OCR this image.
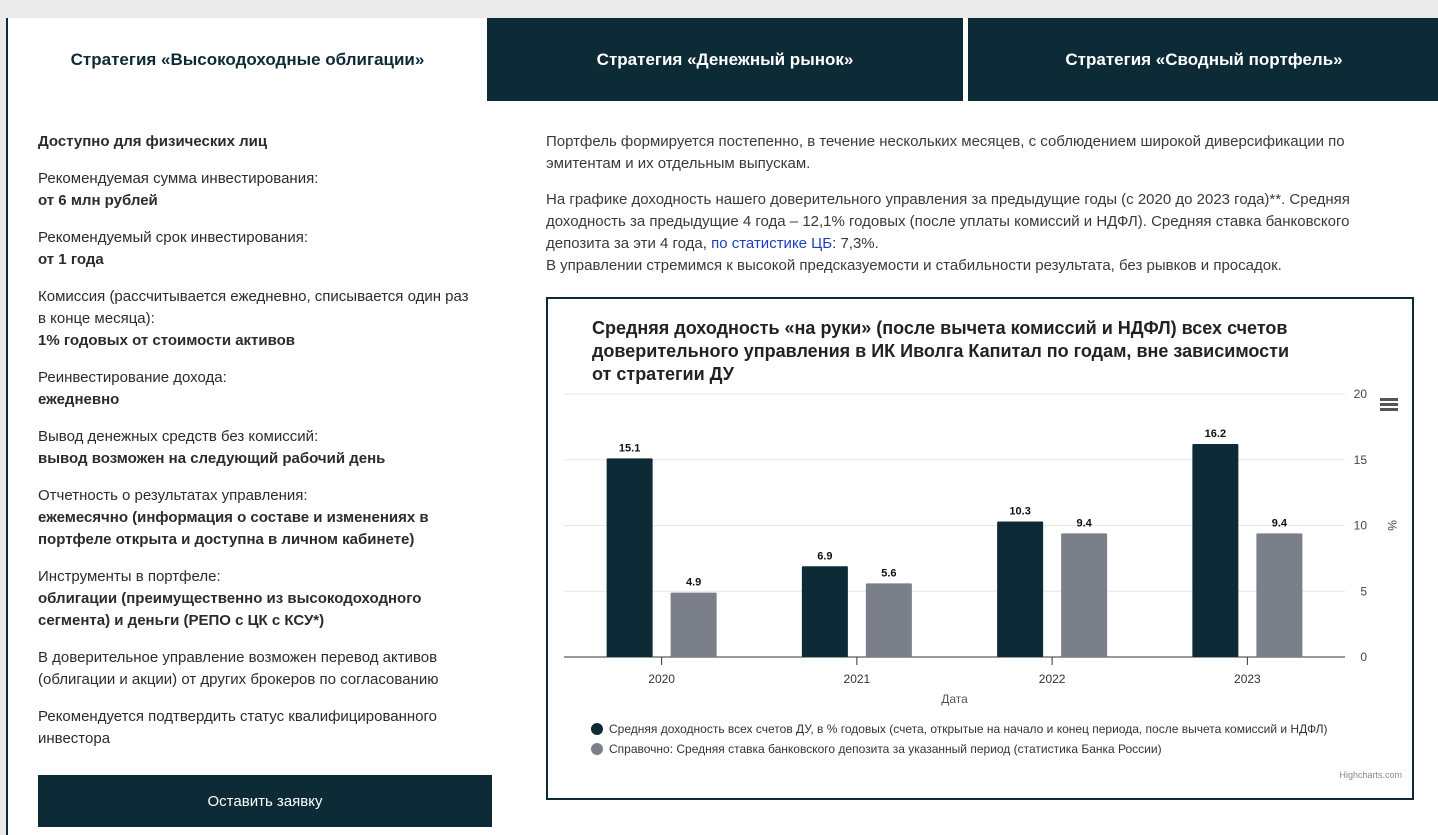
Стратегия «Высокодоходные облигации»	Стратегия «Денежный рынок»	Стратегия «Сводный портфель»
Доступно для физических лиц
Рекомендуемая сумма инвестирования:
от 6 млн рублей
Рекомендуемый срок инвестирования:
от 1 года
Комиссия (рассчитывается ежедневно, списывается один раз в конце месяца):
1% годовых от стоимости активов
Реинвестирование дохода:
ежедневно
Вывод денежных средств без комиссий:
вывод возможен на следующий рабочий день
Отчетность о результатах управления:
ежемесячно (информация о составе и изменениях в портфеле открыта и доступна в личном кабинете)
Инструменты в портфеле:
облигации (преимущественно из высокодоходного сегмента) и деньги (РЕПО с ЦК с КСУ*)
В доверительное управление возможен перевод активов (облигации и акции) от других брокеров по согласованию
Рекомендуется подтвердить статус квалифицированного инвестора
Оставить заявку

Портфель формируется постепенно, в течение нескольких месяцев, с соблюдением широкой диверсификации по эмитентам и их отдельным выпускам.

На графике доходность нашего доверительного управления за предыдущие годы (с 2020 до 2023 года)**. Средняя доходность за предыдущие 4 года – 12,1% годовых (после уплаты комиссий и НДФЛ). Средняя ставка банковского депозита за эти 4 года, по статистике ЦБ: 7,3%.
В управлении стремимся к высокой предсказуемости и стабильности результата, без рывков и просадок.

0
5
10
15
20
%
2020
15.1
4.9
2021
6.9
5.6
2022
10.3
9.4
2023
16.2
9.4
Дата
Средняя доходность всех счетов ДУ, в % годовых (счета, открытые на начало и конец периода, после вычета комиссий и НДФЛ)
Справочно: Средняя ставка банковского депозита за указанный период (статистика Банка России)
Средняя доходность «на руки» (после вычета комиссий и НДФЛ) всех счетов доверительного управления в ИК Иволга Капитал по годам, вне зависимости от стратегии ДУ
Highcharts.com
